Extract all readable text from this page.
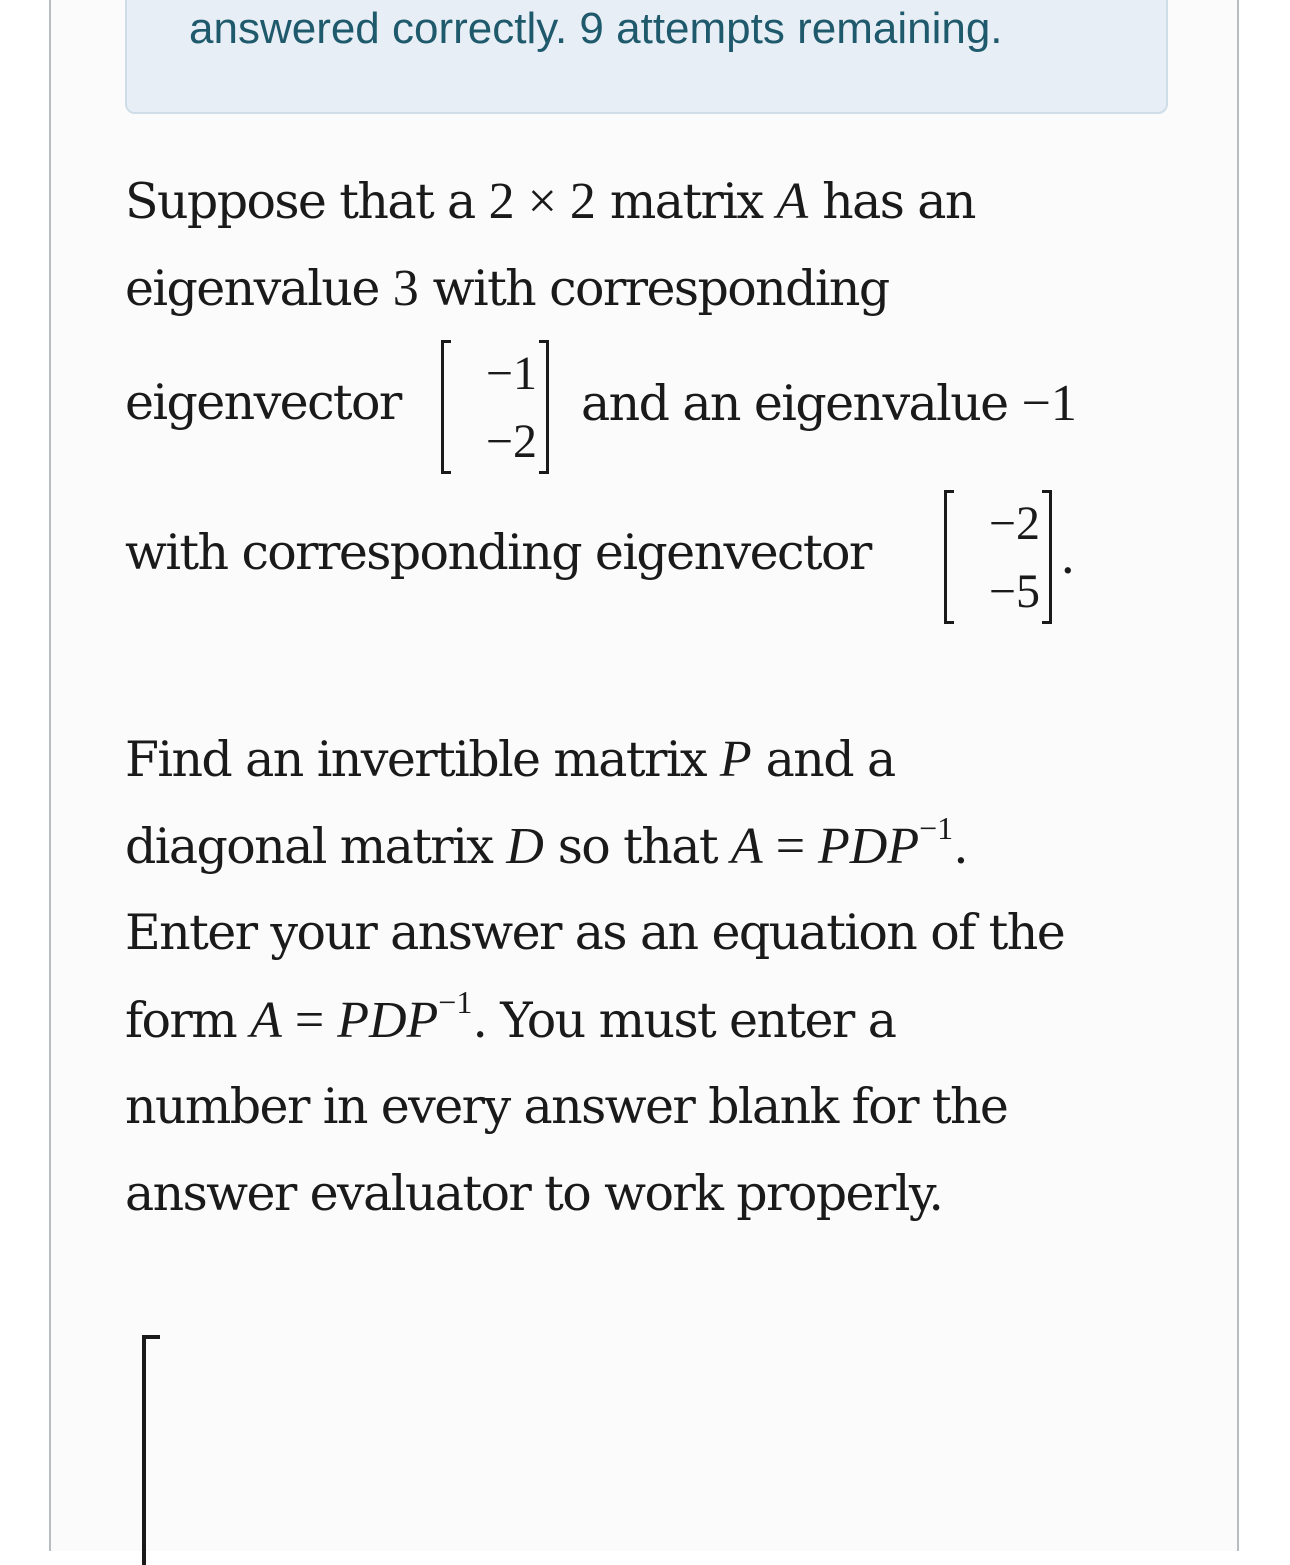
answered correctly. 9 attempts remaining.
Suppose that a 2 × 2 matrix A has an
eigenvalue 3 with corresponding
eigenvector
−1
−2
and an eigenvalue −1
with corresponding eigenvector
−2
−5
.
Find an invertible matrix P and a
diagonal matrix D so that $A = PDP^{-1}$.
Enter your answer as an equation of the
form $A = PDP^{-1}$. You must enter a
number in every answer blank for the
answer evaluator to work properly.
